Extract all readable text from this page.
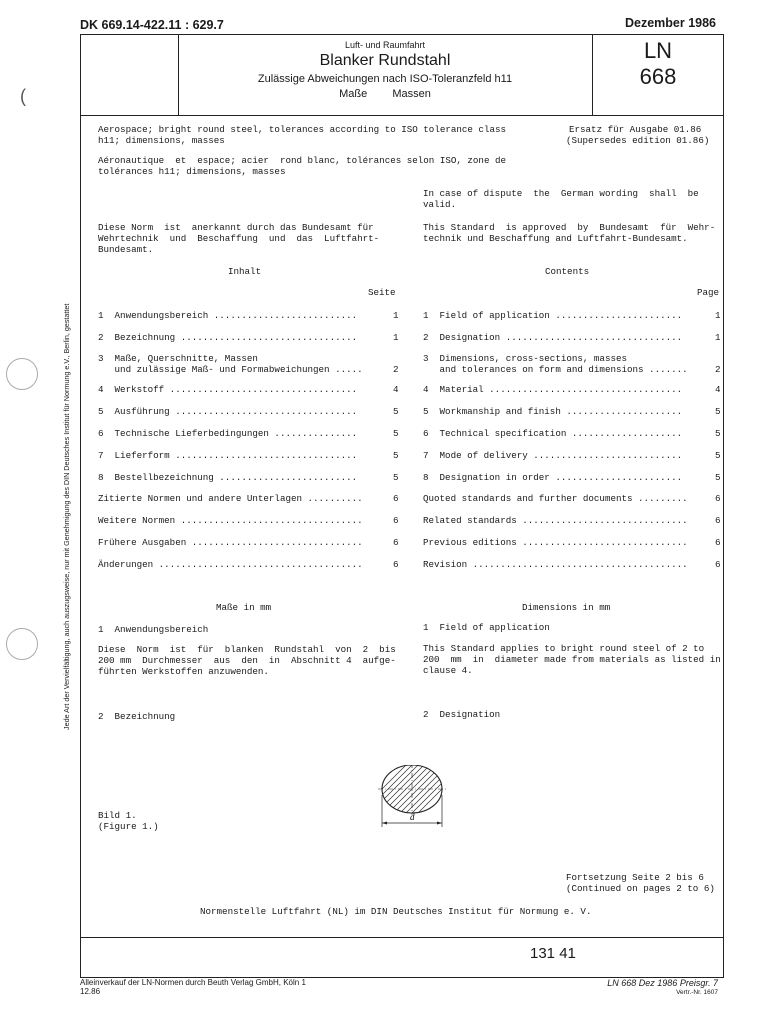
(
Jede Art der Vervielfältigung, auch auszugsweise, nur mit Genehmigung des DIN Deutsches Institut für Normung e.V., Berlin, gestattet
DK 669.14-422.11 : 629.7	Dezember 1986
Luft- und Raumfahrt
Blanker Rundstahl
Zulässige Abweichungen nach ISO-Toleranzfeld h11
Maße Massen
LN
668
Aerospace; bright round steel, tolerances according to ISO tolerance class
h11; dimensions, masses
Aéronautique  et  espace; acier  rond blanc, tolérances selon ISO, zone de
tolérances h11; dimensions, masses
Ersatz für Ausgabe 01.86
(Supersedes edition 01.86)
In case of dispute  the  German wording  shall  be
valid.
Diese Norm  ist  anerkannt durch das Bundesamt für
Wehrtechnik  und  Beschaffung  und  das  Luftfahrt-
Bundesamt.
This Standard  is approved  by  Bundesamt  für  Wehr-
technik und Beschaffung and Luftfahrt-Bundesamt.
Inhalt	Contents
Seite	Page
1  Anwendungsbereich ..........................	1
2  Bezeichnung ................................	1
3  Maße, Querschnitte, Massen
und zulässige Maß- und Formabweichungen .....	2
4  Werkstoff ..................................	4
5  Ausführung .................................	5
6  Technische Lieferbedingungen ...............	5
7  Lieferform .................................	5
8  Bestellbezeichnung .........................	5
Zitierte Normen und andere Unterlagen ..........	6
Weitere Normen .................................	6
Frühere Ausgaben ...............................	6
Änderungen .....................................	6
1  Field of application .......................	1
2  Designation ................................	1
3  Dimensions, cross-sections, masses
and tolerances on form and dimensions .......	2
4  Material ...................................	4
5  Workmanship and finish .....................	5
6  Technical specification ....................	5
7  Mode of delivery ...........................	5
8  Designation in order .......................	5
Quoted standards and further documents .........	6
Related standards ..............................	6
Previous editions ..............................	6
Revision .......................................	6
Maße in mm	Dimensions in mm
1  Anwendungsbereich	1  Field of application
Diese  Norm  ist  für  blanken  Rundstahl  von  2  bis
200 mm  Durchmesser  aus  den  in  Abschnitt 4  aufge-
führten Werkstoffen anzuwenden.
This Standard applies to bright round steel of 2 to
200  mm  in  diameter made from materials as listed in
clause 4.
2  Bezeichnung	2  Designation
d
Bild 1.
(Figure 1.)
Fortsetzung Seite 2 bis 6
(Continued on pages 2 to 6)
Normenstelle Luftfahrt (NL) im DIN Deutsches Institut für Normung e. V.
131 41
Alleinverkauf der LN-Normen durch Beuth Verlag GmbH, Köln 1
12.86
LN 668 Dez 1986 Preisgr. 7
Vertr.-Nr. 1607
